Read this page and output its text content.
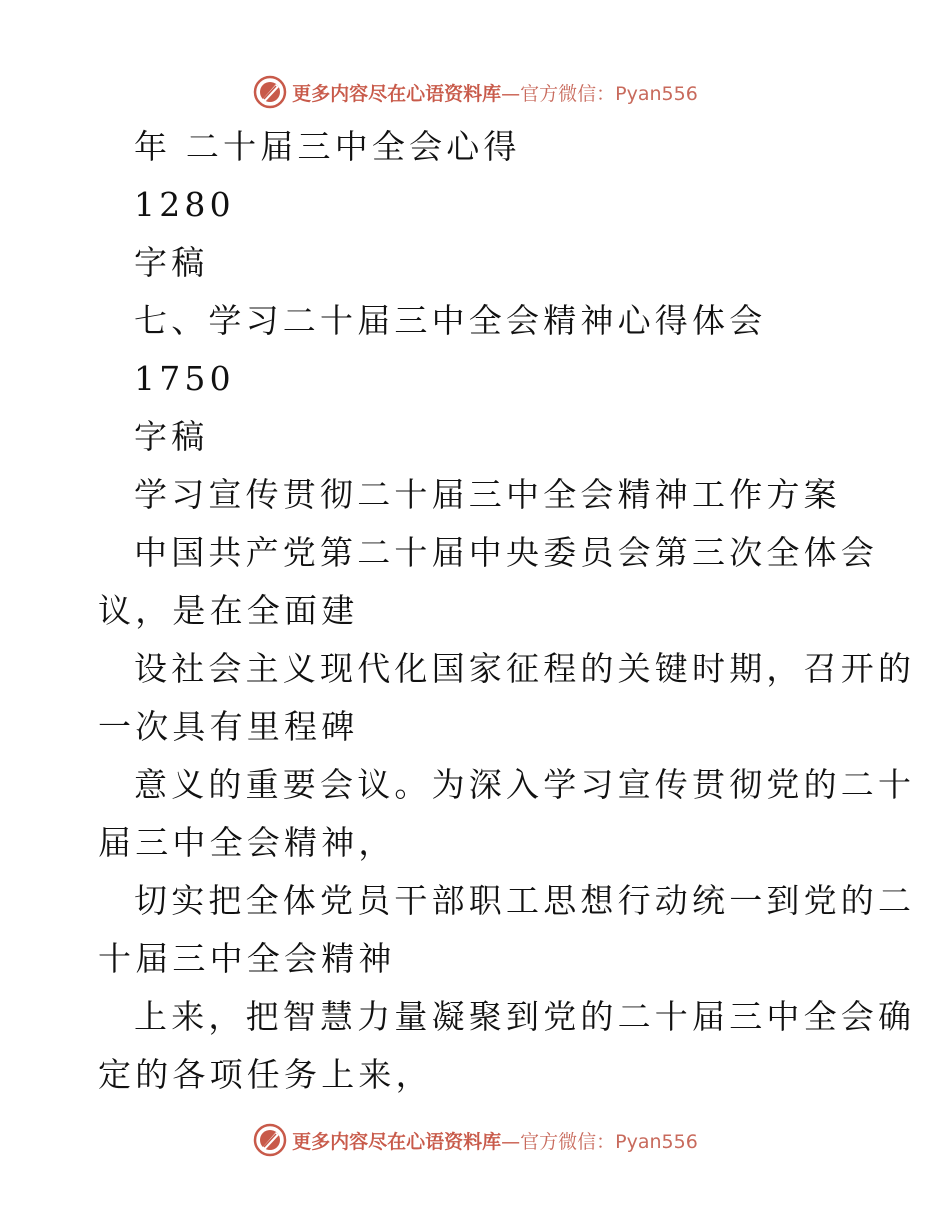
更多内容尽在心语资料库—官方微信：Pyan556
年 二十届三中全会心得
1280
字稿
七、学习二十届三中全会精神心得体会
1750
字稿
学习宣传贯彻二十届三中全会精神工作方案
中国共产党第二十届中央委员会第三次全体会
议，是在全面建
设社会主义现代化国家征程的关键时期，召开的
一次具有里程碑
意义的重要会议。为深入学习宣传贯彻党的二十
届三中全会精神，
切实把全体党员干部职工思想行动统一到党的二
十届三中全会精神
上来，把智慧力量凝聚到党的二十届三中全会确
定的各项任务上来，
更多内容尽在心语资料库—官方微信：Pyan556
